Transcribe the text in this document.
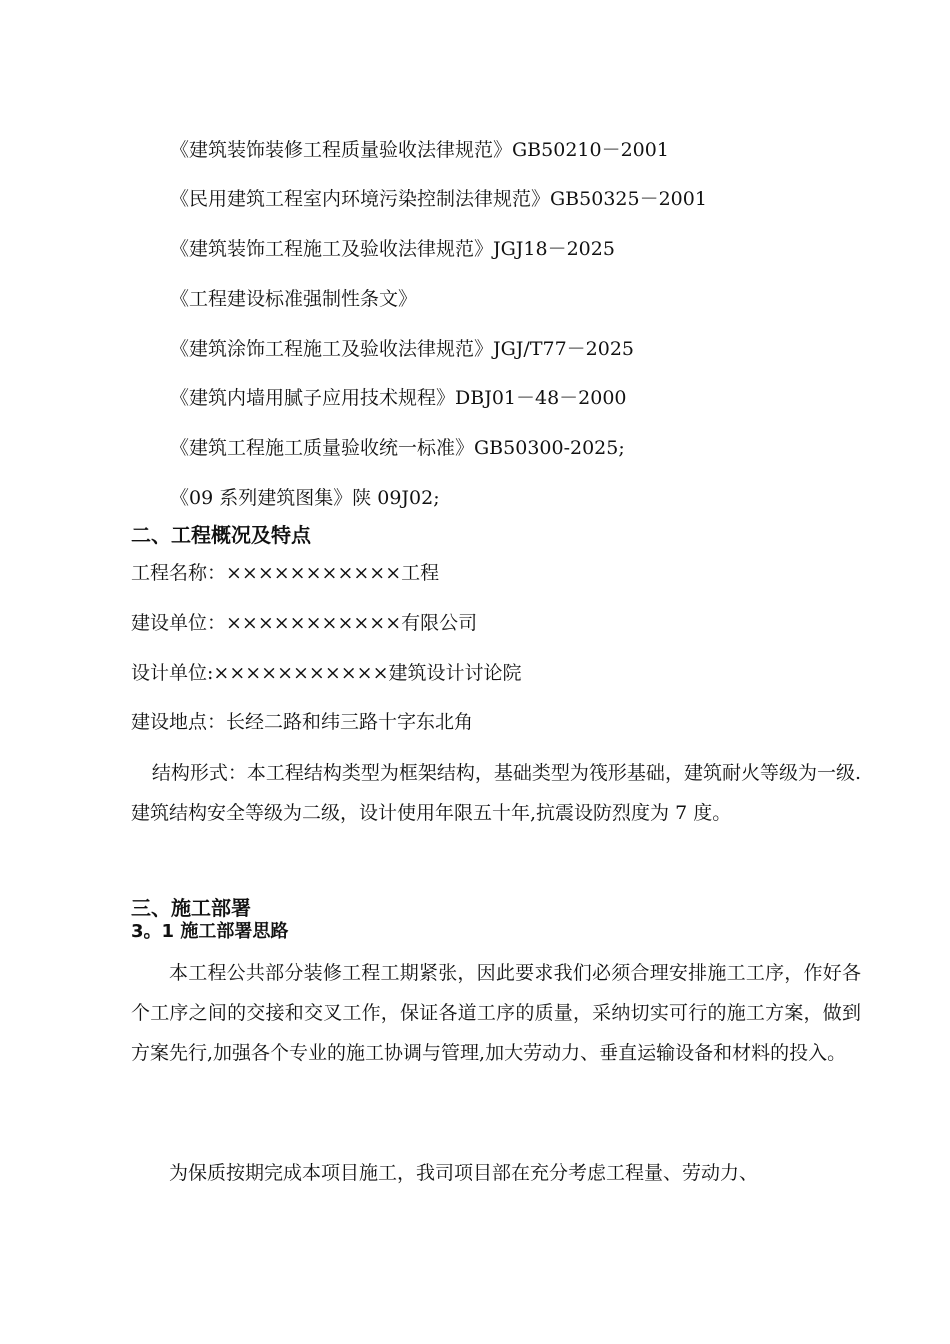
《建筑装饰装修工程质量验收法律规范》GB50210－2001
《民用建筑工程室内环境污染控制法律规范》GB50325－2001
《建筑装饰工程施工及验收法律规范》JGJ18－2025
《工程建设标准强制性条文》
《建筑涂饰工程施工及验收法律规范》JGJ/T77－2025
《建筑内墙用腻子应用技术规程》DBJ01－48－2000
《建筑工程施工质量验收统一标准》GB50300-2025;
《09 系列建筑图集》陕 09J02;
二、工程概况及特点
工程名称：×××××××××××工程
建设单位：×××××××××××有限公司
设计单位:×××××××××××建筑设计讨论院
建设地点：长经二路和纬三路十字东北角
结构形式：本工程结构类型为框架结构，基础类型为筏形基础，建筑耐火等级为一级.建筑结构安全等级为二级，设计使用年限五十年,抗震设防烈度为 7 度。
三、施工部署
3。1 施工部署思路
本工程公共部分装修工程工期紧张，因此要求我们必须合理安排施工工序，作好各个工序之间的交接和交叉工作，保证各道工序的质量，采纳切实可行的施工方案，做到方案先行,加强各个专业的施工协调与管理,加大劳动力、垂直运输设备和材料的投入。
为保质按期完成本项目施工，我司项目部在充分考虑工程量、劳动力、
